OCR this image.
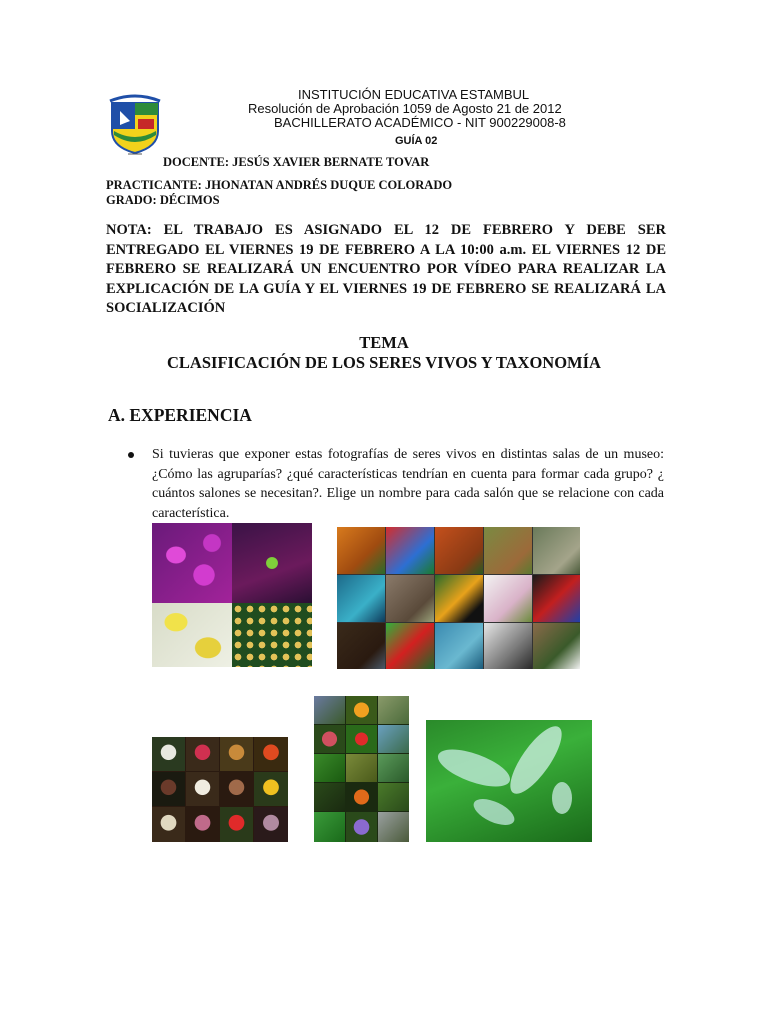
INSTITUCIÓN EDUCATIVA ESTAMBUL
Resolución de Aprobación 1059 de Agosto 21 de 2012
BACHILLERATO ACADÉMICO - NIT 900229008-8
GUÍA 02
DOCENTE: JESÚS XAVIER BERNATE TOVAR
PRACTICANTE: JHONATAN ANDRÉS DUQUE COLORADO
GRADO: DÉCIMOS
NOTA: EL TRABAJO ES ASIGNADO EL 12 DE FEBRERO Y DEBE SER ENTREGADO EL VIERNES 19 DE FEBRERO A LA 10:00 a.m. EL VIERNES 12 DE FEBRERO SE REALIZARÁ UN ENCUENTRO POR VÍDEO PARA REALIZAR LA EXPLICACIÓN DE LA GUÍA Y EL VIERNES 19 DE FEBRERO SE REALIZARÁ LA SOCIALIZACIÓN
TEMA
CLASIFICACIÓN DE LOS SERES VIVOS Y TAXONOMÍA
A. EXPERIENCIA
Si tuvieras que exponer estas fotografías de seres vivos en distintas salas de un museo: ¿Cómo las agruparías? ¿qué características tendrían en cuenta para formar cada grupo? ¿ cuántos salones se necesitan?. Elige un nombre para cada salón que se relacione con cada característica.
